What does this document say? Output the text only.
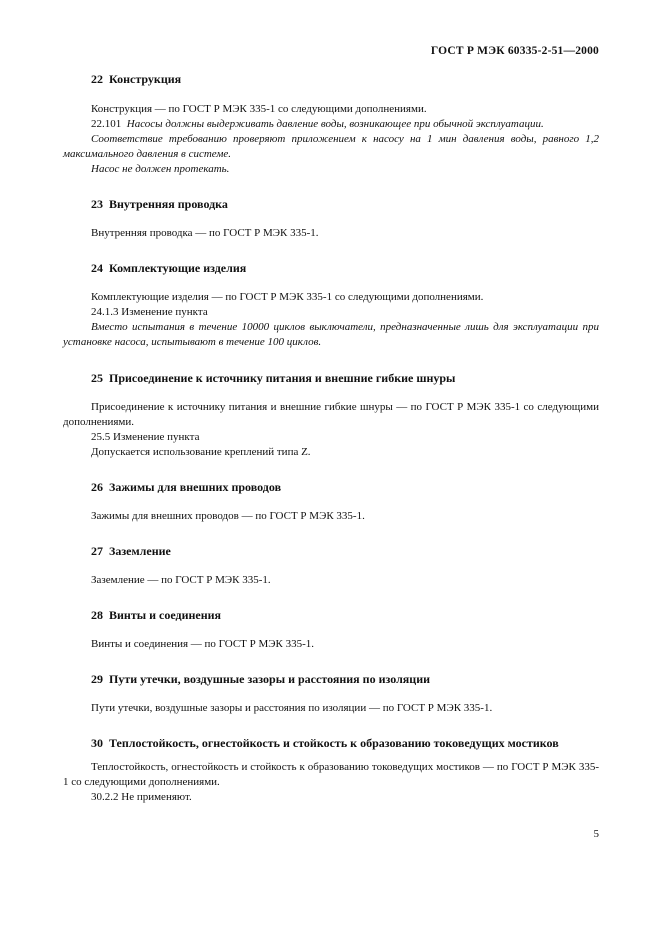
ГОСТ Р МЭК 60335-2-51—2000
22 Конструкция

Конструкция — по ГОСТ Р МЭК 335-1 со следующими дополнениями.

22.101 Насосы должны выдерживать давление воды, возникающее при обычной эксплуатации.

Соответствие требованию проверяют приложением к насосу на 1 мин давления воды, равного 1,2 максимального давления в системе.

Насос не должен протекать.

23 Внутренняя проводка

Внутренняя проводка — по ГОСТ Р МЭК 335-1.

24 Комплектующие изделия

Комплектующие изделия — по ГОСТ Р МЭК 335-1 со следующими дополнениями.

24.1.3 Изменение пункта

Вместо испытания в течение 10000 циклов выключатели, предназначенные лишь для эксплуатации при установке насоса, испытывают в течение 100 циклов.

25 Присоединение к источнику питания и внешние гибкие шнуры

Присоединение к источнику питания и внешние гибкие шнуры — по ГОСТ Р МЭК 335-1 со следующими дополнениями.

25.5 Изменение пункта

Допускается использование креплений типа Z.

26 Зажимы для внешних проводов

Зажимы для внешних проводов — по ГОСТ Р МЭК 335-1.

27 Заземление

Заземление — по ГОСТ Р МЭК 335-1.

28 Винты и соединения

Винты и соединения — по ГОСТ Р МЭК 335-1.

29 Пути утечки, воздушные зазоры и расстояния по изоляции

Пути утечки, воздушные зазоры и расстояния по изоляции — по ГОСТ Р МЭК 335-1.

30 Теплостойкость, огнестойкость и стойкость к образованию токоведущих мостиков

Теплостойкость, огнестойкость и стойкость к образованию токоведущих мостиков — по ГОСТ Р МЭК 335-1 со следующими дополнениями.

30.2.2 Не применяют.

5
